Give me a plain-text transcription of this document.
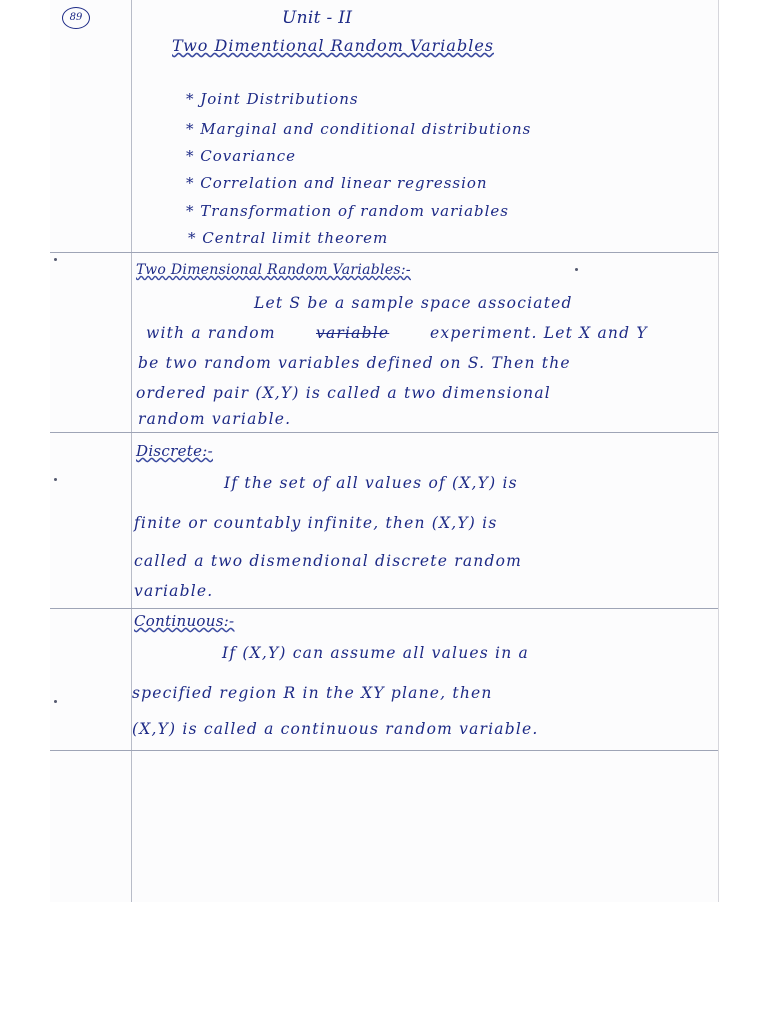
89	Unit - II
Two Dimentional Random Variables
* Joint Distributions
* Marginal and conditional distributions
* Covariance
* Correlation and linear regression
* Transformation of random variables
* Central limit theorem
Two Dimensional Random Variables:-
Let S be a sample space associated
with a random	variable	experiment. Let X and Y
be two random variables defined on S. Then the
ordered pair (X,Y) is called a two dimensional
random variable.
Discrete:-
If the set of all values of (X,Y) is
finite or countably infinite, then (X,Y) is
called a two dismendional discrete random
variable.
Continuous:-
If (X,Y) can assume all values in a
specified region R in the XY plane, then
(X,Y) is called a continuous random variable.
